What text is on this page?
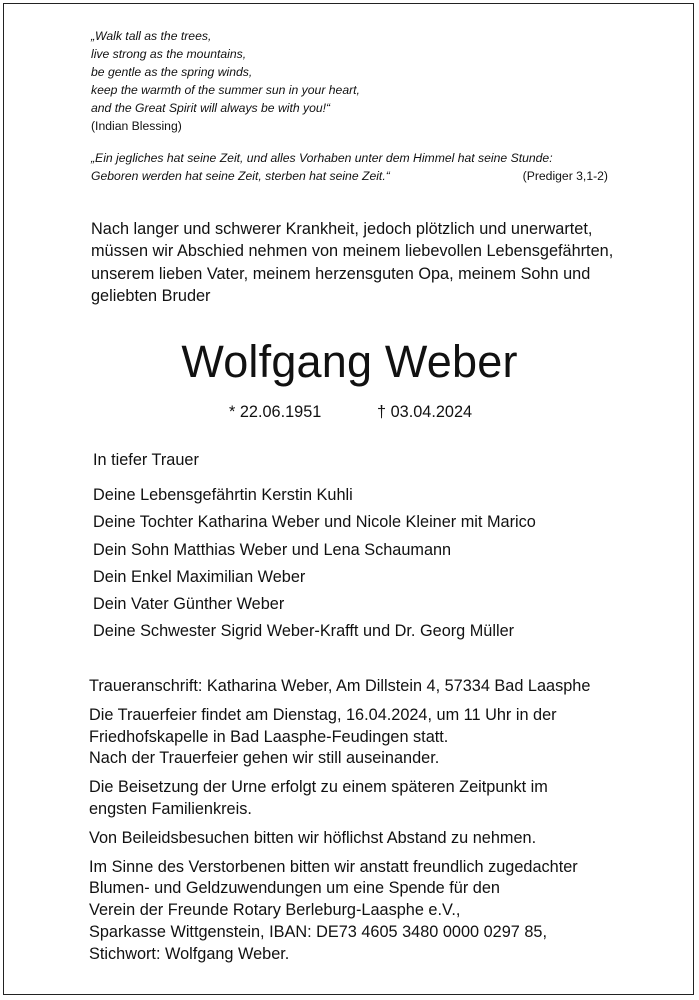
„Walk tall as the trees,
live strong as the mountains,
be gentle as the spring winds,
keep the warmth of the summer sun in your heart,
and the Great Spirit will always be with you!“
(Indian Blessing)
„Ein jegliches hat seine Zeit, und alles Vorhaben unter dem Himmel hat seine Stunde:
Geboren werden hat seine Zeit, sterben hat seine Zeit.“	(Prediger 3,1-2)
Nach langer und schwerer Krankheit, jedoch plötzlich und unerwartet,
müssen wir Abschied nehmen von meinem liebevollen Lebensgefährten,
unserem lieben Vater, meinem herzensguten Opa, meinem Sohn und
geliebten Bruder
Wolfgang Weber
* 22.06.1951	† 03.04.2024
In tiefer Trauer
Deine Lebensgefährtin Kerstin Kuhli
Deine Tochter Katharina Weber und Nicole Kleiner mit Marico
Dein Sohn Matthias Weber und Lena Schaumann
Dein Enkel Maximilian Weber
Dein Vater Günther Weber
Deine Schwester Sigrid Weber-Krafft und Dr. Georg Müller
Traueranschrift: Katharina Weber, Am Dillstein 4, 57334 Bad Laasphe
Die Trauerfeier findet am Dienstag, 16.04.2024, um 11 Uhr in der
Friedhofskapelle in Bad Laasphe-Feudingen statt.
Nach der Trauerfeier gehen wir still auseinander.
Die Beisetzung der Urne erfolgt zu einem späteren Zeitpunkt im
engsten Familienkreis.
Von Beileidsbesuchen bitten wir höflichst Abstand zu nehmen.
Im Sinne des Verstorbenen bitten wir anstatt freundlich zugedachter
Blumen- und Geldzuwendungen um eine Spende für den
Verein der Freunde Rotary Berleburg-Laasphe e.V.,
Sparkasse Wittgenstein, IBAN: DE73 4605 3480 0000 0297 85,
Stichwort: Wolfgang Weber.
